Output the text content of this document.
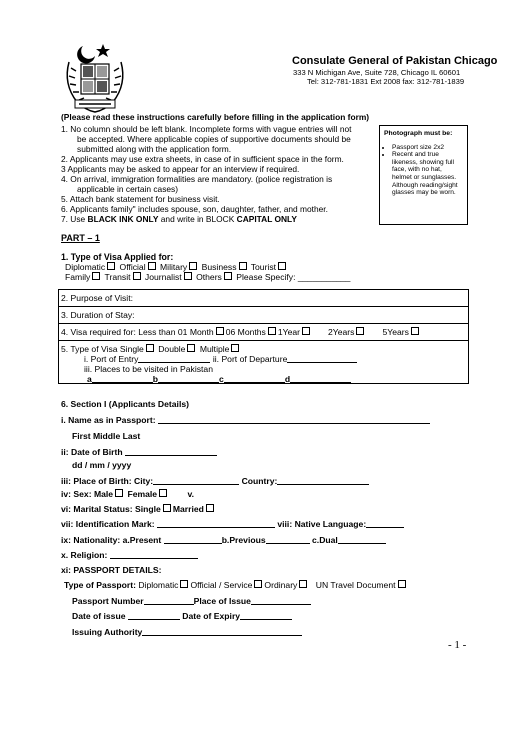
Consulate General of Pakistan Chicago
333 N Michigan Ave, Suite 728, Chicago IL 60601
Tel: 312-781-1831 Ext 2008 fax: 312-781-1839
(Please read these instructions carefully before filling in the application form)
1. No column should be left blank. Incomplete forms with vague entries will not
be accepted. Where applicable copies of supportive documents should be
submitted along with the application form.
2. Applicants may use extra sheets, in case of in sufficient space in the form.
3 Applicants may be asked to appear for an interview if required.
4. On arrival, immigration formalities are mandatory. (police registration is
applicable in certain cases)
5. Attach bank statement for business visit.
6. Applicants family" includes spouse, son, daughter, father, and mother.
7. Use BLACK INK ONLY and write in BLOCK CAPITAL ONLY
Photograph must be:
• Passport size 2x2
• Recent and true likeness, showing full face, with no hat, helmet or sunglasses. Although reading/sight glasses may be worn.
PART – 1
1. Type of Visa Applied for:
Diplomatic Official Military Business Tourist
Family Transit Journalist Others Please Specify: ___________
2. Purpose of Visit:
3. Duration of Stay:
4. Visa required for: Less than 01 Month 06 Months 1Year	2Years	5Years
5. Type of Visa Single Double Multiple
i. Port of Entry	ii. Port of Departure
iii. Places to be visited in Pakistan
a	b	c	d
6. Section I (Applicants Details)
i. Name as in Passport:
First Middle Last
ii: Date of Birth
dd / mm / yyyy
iii: Place of Birth: City:	Country:
iv: Sex: Male Female	v.
vi: Marital Status: Single Married
vii: Identification Mark:	viii: Native Language:
ix: Nationality: a.Present	b.Previous	c.Dual
x. Religion:
xi: PASSPORT DETAILS:
Type of Passport: Diplomatic Official / Service Ordinary UN Travel Document
Passport Number	Place of Issue
Date of issue	Date of Expiry
Issuing Authority
- 1 -
